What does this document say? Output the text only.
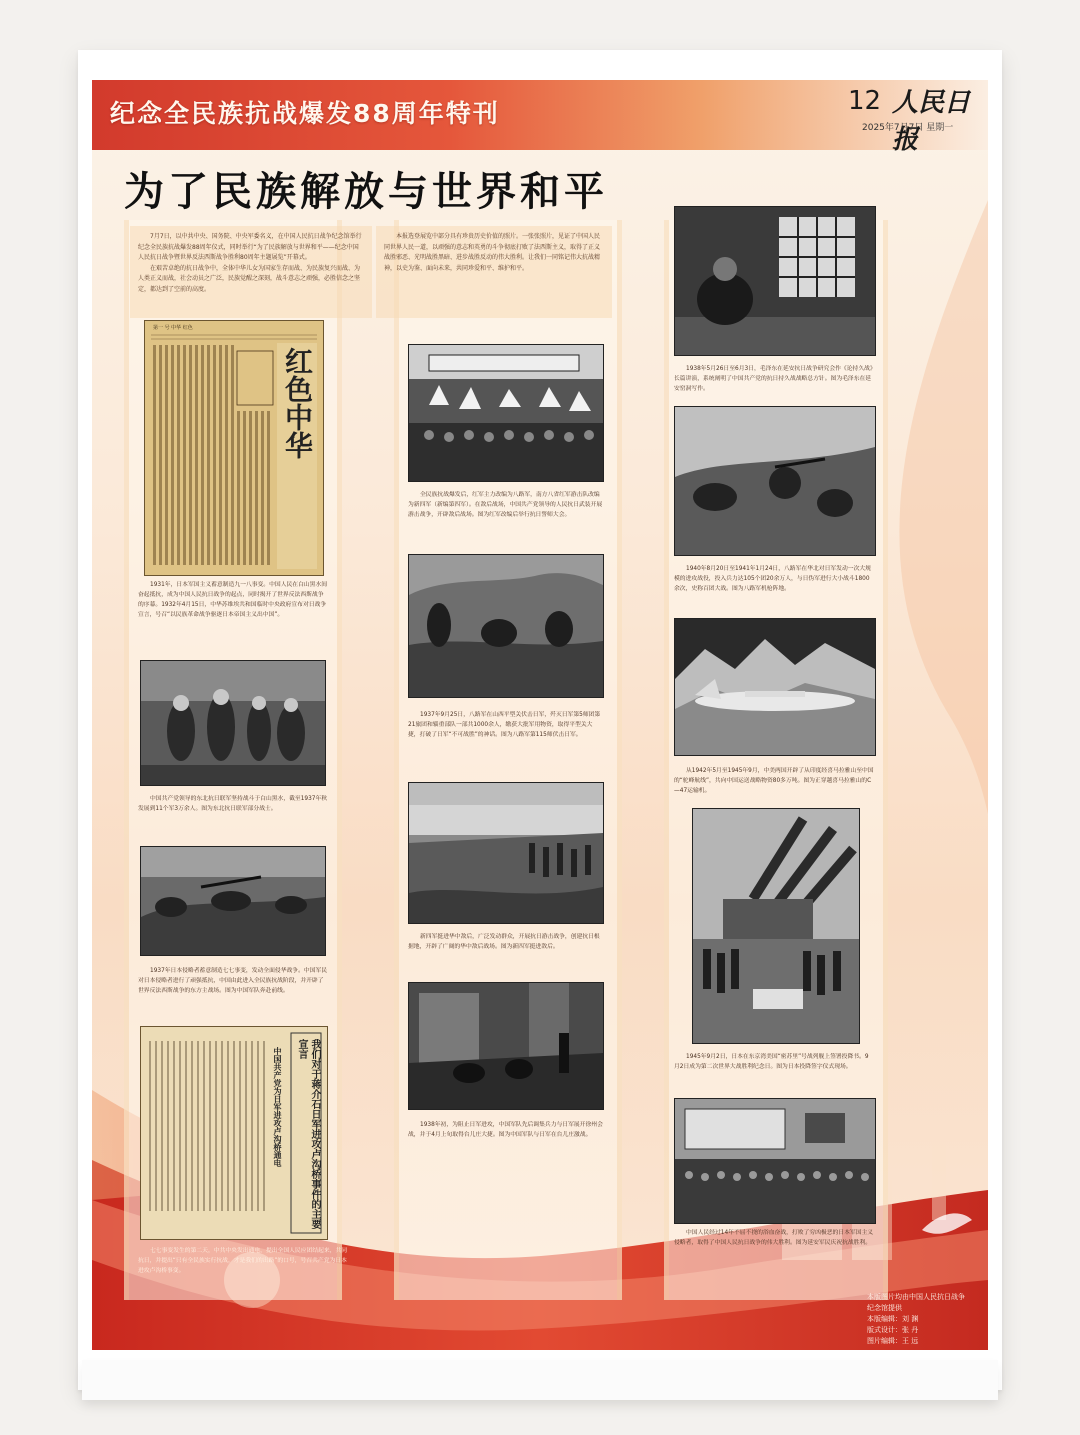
纪念全民族抗战爆发88周年特刊	12 人民日报
2025年7月7日 星期一
为了民族解放与世界和平

7月7日，以中共中央、国务院、中央军委名义，在中国人民抗日战争纪念馆举行纪念全民族抗战爆发88周年仪式，同时举行“为了民族解放与世界和平——纪念中国人民抗日战争暨世界反法西斯战争胜利80周年主题展览”开幕式。

在艰苦卓绝的抗日战争中，全体中华儿女为国家生存而战、为民族复兴而战、为人类正义而战，社会动员之广泛，民族觉醒之深刻，战斗意志之顽强，必胜信念之坚定，都达到了空前的高度。

本报选登展览中部分具有珍贵历史价值的照片。一张张照片，见证了中国人民同世界人民一道，以顽强的意志和英勇的斗争彻底打败了法西斯主义，取得了正义战胜邪恶、光明战胜黑暗、进步战胜反动的伟大胜利。让我们一同铭记伟大抗战精神，以史为鉴、面向未来，共同珍爱和平、维护和平。

红色中华
第一 号 中华 红色

1931年，日本军国主义蓄意制造九一八事变。中国人民在白山黑水间奋起抵抗，成为中国人民抗日战争的起点，同时揭开了世界反法西斯战争的序幕。1932年4月15日，中华苏维埃共和国临时中央政府宣布对日战争宣言，号召“以民族革命战争驱逐日本帝国主义出中国”。

中国共产党领导的东北抗日联军坚持战斗于白山黑水，截至1937年秋发展到11个军3万余人。图为东北抗日联军部分战士。

1937年日本侵略者蓄意制造七七事变，发动全面侵华战争。中国军民对日本侵略者进行了顽强抵抗，中国由此进入全民族抗战阶段，并开辟了世界反法西斯战争的东方主战场。图为中国军队奔赴前线。

我们对于蒋介石日军进攻卢沟桥事件的主要宣言
中国共产党为日军进攻卢沟桥通电

七七事变发生的第二天，中共中央发出通电，提出全国人民应团结起来，共同抗日，并提出“只有全民族实行抗战，才是我们的出路”的口号，号召共产党为日本进攻卢沟桥事变。

全民族抗战爆发后，红军主力改编为八路军，南方八省红军游击队改编为新四军（新编第四军）。在敌后战场，中国共产党领导的人民抗日武装开展游击战争，开辟敌后战场。图为红军改编后举行抗日誓师大会。

1937年9月25日，八路军在山西平型关伏击日军，歼灭日军第5师团第21旅团和辎重部队一部共1000余人，缴获大批军用物资，取得平型关大捷，打破了日军“不可战胜”的神话。图为八路军第115师伏击日军。

新四军挺进华中敌后，广泛发动群众，开展抗日游击战争，创建抗日根据地，开辟了广阔的华中敌后战场。图为新四军挺进敌后。

1938年初，为阻止日军进攻，中国军队先后调集兵力与日军展开徐州会战，并于4月上旬取得台儿庄大捷。图为中国军队与日军在台儿庄激战。

1938年5月26日至6月3日，毛泽东在延安抗日战争研究会作《论持久战》长篇讲演，系统阐明了中国共产党的抗日持久战战略总方针。图为毛泽东在延安窑洞写作。

1940年8月20日至1941年1月24日，八路军在华北对日军发动一次大规模的进攻战役，投入兵力达105个团20余万人，与日伪军进行大小战斗1800余次，史称百团大战。图为八路军机枪阵地。

从1942年5月至1945年9月，中美两国开辟了从印度经喜马拉雅山至中国的“驼峰航线”，共向中国运送战略物资80多万吨。图为正穿越喜马拉雅山的C—47运输机。

1945年9月2日，日本在东京湾美国“密苏里”号战列舰上签署投降书。9月2日成为第二次世界大战胜利纪念日。图为日本投降签字仪式现场。

中国人民经过14年不屈不挠的浴血奋战，打败了穷凶极恶的日本军国主义侵略者，取得了中国人民抗日战争的伟大胜利。图为延安军民庆祝抗战胜利。

本版图片均由中国人民抗日战争
纪念馆提供
本版编辑：刘 渊
版式设计：张 丹
图片编辑：王 远
